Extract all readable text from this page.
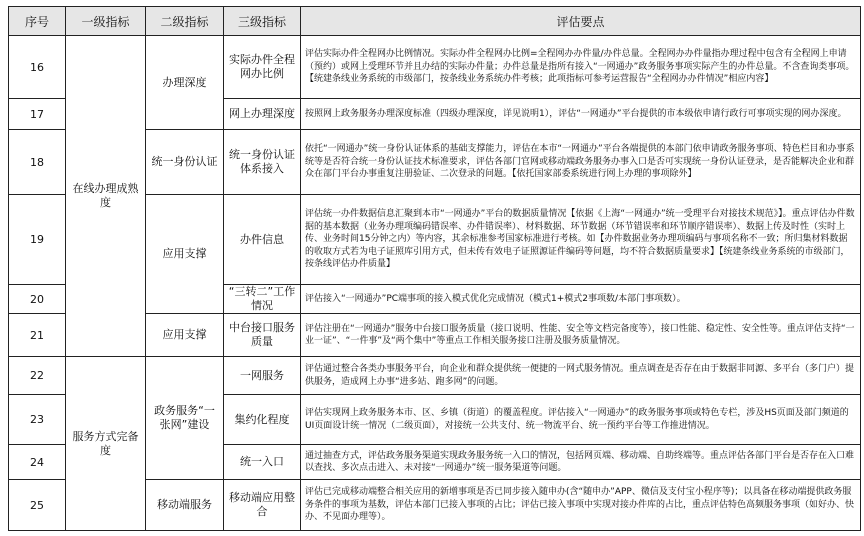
序号	一级指标	二级指标	三级指标	评估要点
16	在线办理成熟度	办理深度	实际办件全程网办比例	评估实际办件全程网办比例情况。实际办件全程网办比例=全程网办办件量/办件总量。全程网办办件量指办理过程中包含有全程网上申请（预约）或网上受理环节并且办结的实际办件量；办件总量是指所有接入“一网通办”政务服务事项实际产生的办件总量。不含查询类事项。【统建条线业务系统的市级部门，按条线业务系统办件考核；此项指标可参考运营报告“全程网办办件情况”相应内容】
17			网上办理深度	按照网上政务服务办理深度标准（四级办理深度，详见说明1），评估“一网通办”平台提供的市本级依申请行政行可事项实现的网办深度。
18		统一身份认证	统一身份认证体系接入	依托“一网通办”统一身份认证体系的基础支撑能力，评估在本市“一网通办”平台各端提供的本部门依申请政务服务事项、特色栏目和办事系统等是否符合统一身份认证技术标准要求，评估各部门官网或移动端政务服务办事入口是否可实现统一身份认证登录，是否能解决企业和群众在部门平台办事重复注册验证、二次登录的问题。【依托国家部委系统进行网上办理的事项除外】
19		应用支撑	办件信息	评估统一办件数据信息汇聚到本市“一网通办”平台的数据质量情况【依据《上海“一网通办”统一受理平台对接技术规范》】。重点评估办件数据的基本数据（业务办理项编码错误率、办件错误率）、材料数据、环节数据（环节错误率和环节顺序错误率）、数据上传及时性（实时上传、业务时间15分钟之内）等内容，其余标准参考国家标准进行考核。如【办件数据业务办理项编码与事项名称不一致；所归集材料数据的收取方式若为电子证照库引用方式，但未传有效电子证照源证件编码等问题，均不符合数据质量要求】【统建条线业务系统的市级部门，按条线评估办件质量】
20			“三转二”工作情况	评估接入“一网通办”PC端事项的接入模式优化完成情况（模式1+模式2事项数/本部门事项数）。
21		应用支撑	中台接口服务质量	评估注册在“一网通办”服务中台接口服务质量（接口说明、性能、安全等文档完备度等），接口性能、稳定性、安全性等。重点评估支持“一业一证”、“一件事”及“两个集中”等重点工作相关服务接口注册及服务质量情况。
22	服务方式完备度	政务服务“一张网”建设	一网服务	评估通过整合各类办事服务平台，向企业和群众提供统一便捷的一网式服务情况。重点调查是否存在由于数据非同源、多平台（多门户）提供服务，造成网上办事“进多站、跑多网”的问题。
23			集约化程度	评估实现网上政务服务本市、区、乡镇（街道）的覆盖程度。评估接入“一网通办”的政务服务事项或特色专栏，涉及HS页面及部门频道的UI页面设计统一情况（二级页面），对接统一公共支付、统一物流平台、统一预约平台等工作推进情况。
24			统一入口	通过抽查方式，评估政务服务渠道实现政务服务统一入口的情况，包括网页端、移动端、自助终端等。重点评估各部门平台是否存在入口难以查找、多次点击进入、未对接“一网通办”统一服务渠道等问题。
25		移动端服务	移动端应用整合	评估已完成移动端整合相关应用的新增事项是否已同步接入随申办(含“随申办”APP、微信及支付宝小程序等)；以具备在移动端提供政务服务条件的事项为基数，评估本部门已接入事项的占比；评估已接入事项中实现对接办件库的占比，重点评估特色高频服务事项（如好办、快办、不见面办理等）。
